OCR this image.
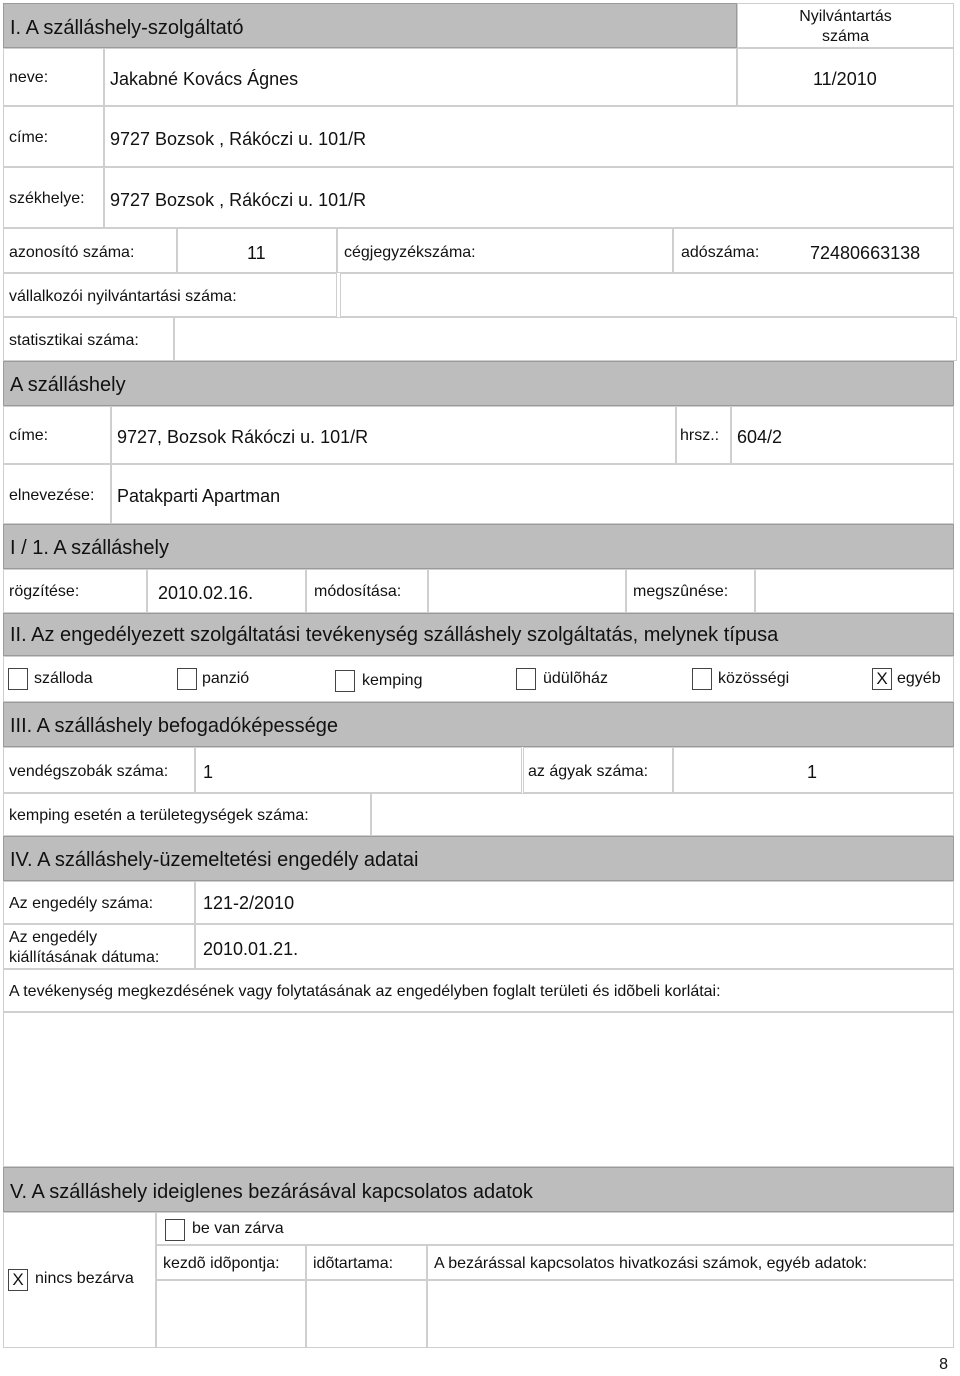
I. A szálláshely-szolgáltató
Nyilvántartás
száma
neve:	Jakabné Kovács Ágnes	11/2010
címe:	9727 Bozsok , Rákóczi u. 101/R
székhelye: 9727 Bozsok , Rákóczi u. 101/R
azonosító száma:	11	cégjegyzékszáma:	adószáma:	72480663138
vállalkozói nyilvántartási száma:
statisztikai száma:
A szálláshely
címe:	9727, Bozsok Rákóczi u. 101/R	hrsz.: 604/2
elnevezése: Patakparti Apartman
I / 1. A szálláshely
rögzítése:	2010.02.16.	módosítása:	megszûnése:
II. Az engedélyezett szolgáltatási tevékenység szálláshely szolgáltatás, melynek típusa
szálloda	panzió	kemping	üdülõház	közösségi	X egyéb
III. A szálláshely befogadóképessége
vendégszobák száma: 1	az ágyak száma:	1
kemping esetén a területegységek száma:
IV. A szálláshely-üzemeltetési engedély adatai
Az engedély száma:	121-2/2010
Az engedély
kiállításának dátuma: 2010.01.21.
A tevékenység megkezdésének vagy folytatásának az engedélyben foglalt területi és idõbeli korlátai:
V. A szálláshely ideiglenes bezárásával kapcsolatos adatok
X nincs bezárva
be van zárva
kezdõ idõpontja: idõtartama:	A bezárással kapcsolatos hivatkozási számok, egyéb adatok:
8
